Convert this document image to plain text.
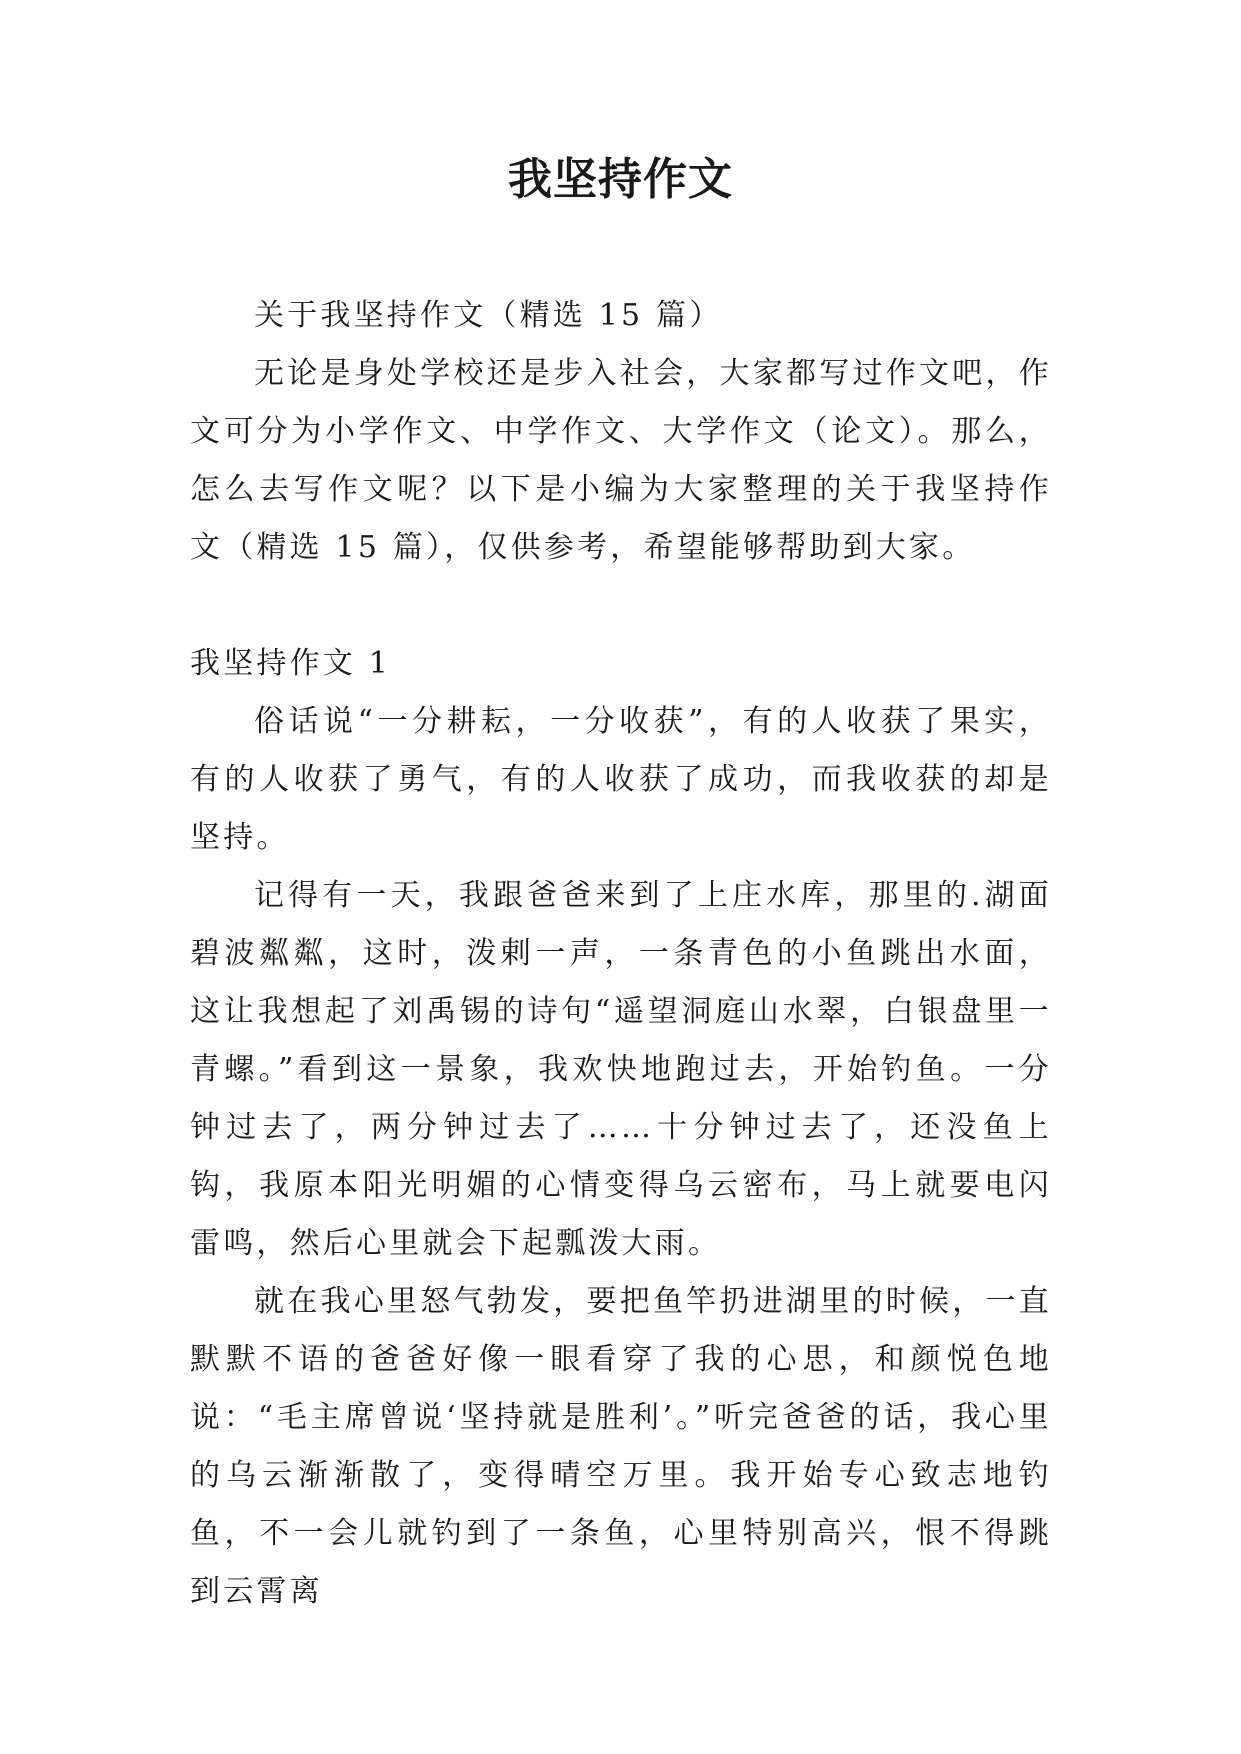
我坚持作文

关于我坚持作文（精选 15 篇）

无论是身处学校还是步入社会，大家都写过作文吧，作文可分为小学作文、中学作文、大学作文（论文）。那么，怎么去写作文呢？以下是小编为大家整理的关于我坚持作文（精选 15 篇），仅供参考，希望能够帮助到大家。

我坚持作文 1

俗话说“一分耕耘，一分收获”，有的人收获了果实，有的人收获了勇气，有的人收获了成功，而我收获的却是坚持。

记得有一天，我跟爸爸来到了上庄水库，那里的.湖面碧波粼粼，这时，泼剌一声，一条青色的小鱼跳出水面，这让我想起了刘禹锡的诗句“遥望洞庭山水翠，白银盘里一青螺。”看到这一景象，我欢快地跑过去，开始钓鱼。一分钟过去了，两分钟过去了……十分钟过去了，还没鱼上钩，我原本阳光明媚的心情变得乌云密布，马上就要电闪雷鸣，然后心里就会下起瓢泼大雨。

就在我心里怒气勃发，要把鱼竿扔进湖里的时候，一直默默不语的爸爸好像一眼看穿了我的心思，和颜悦色地说：“毛主席曾说‘坚持就是胜利’。”听完爸爸的话，我心里的乌云渐渐散了，变得晴空万里。我开始专心致志地钓鱼，不一会儿就钓到了一条鱼，心里特别高兴，恨不得跳到云霄离
